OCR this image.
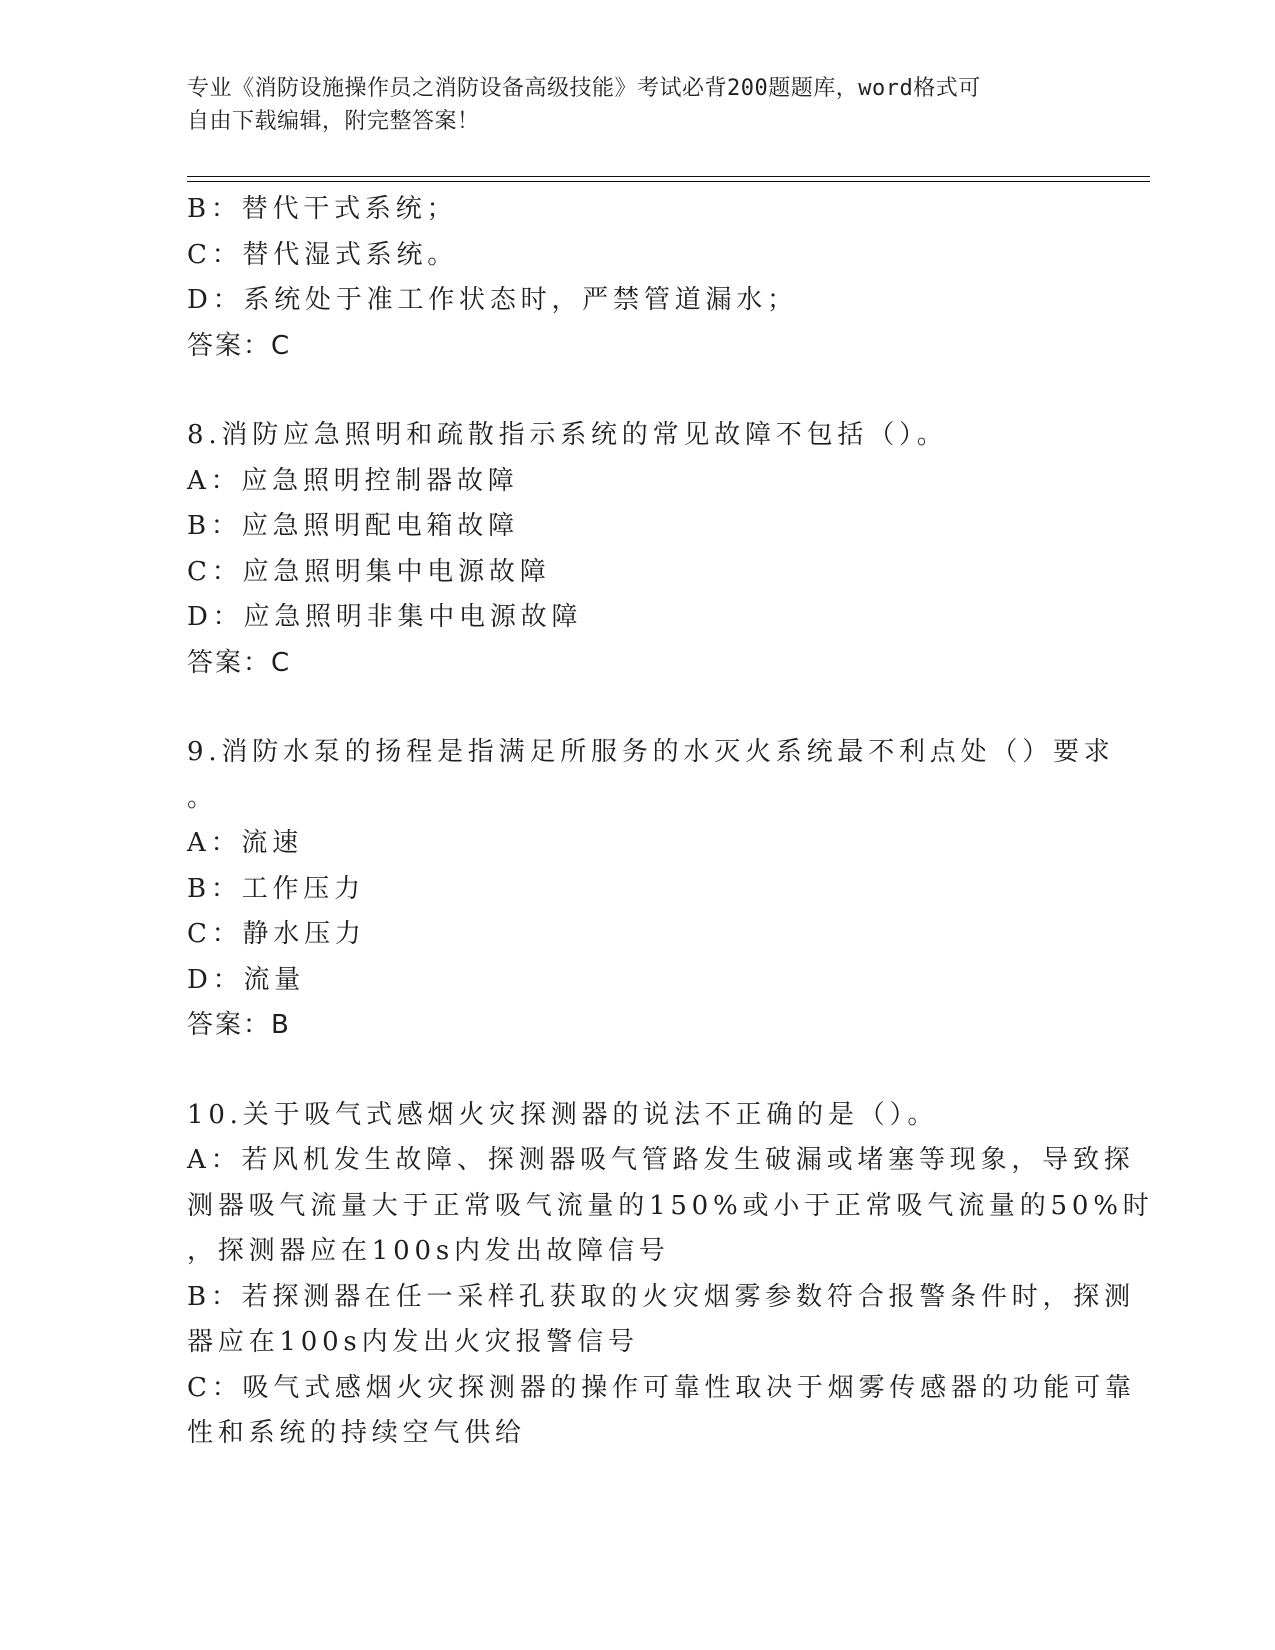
专业《消防设施操作员之消防设备高级技能》考试必背200题题库，word格式可
自由下载编辑，附完整答案！
B：替代干式系统；
C：替代湿式系统。
D：系统处于准工作状态时，严禁管道漏水；
答案：C
8.消防应急照明和疏散指示系统的常见故障不包括（）。
A：应急照明控制器故障
B：应急照明配电箱故障
C：应急照明集中电源故障
D：应急照明非集中电源故障
答案：C
9.消防水泵的扬程是指满足所服务的水灭火系统最不利点处（）要求
。
A：流速
B：工作压力
C：静水压力
D：流量
答案：B
10.关于吸气式感烟火灾探测器的说法不正确的是（）。
A：若风机发生故障、探测器吸气管路发生破漏或堵塞等现象，导致探
测器吸气流量大于正常吸气流量的150%或小于正常吸气流量的50%时
，探测器应在100s内发出故障信号
B：若探测器在任一采样孔获取的火灾烟雾参数符合报警条件时，探测
器应在100s内发出火灾报警信号
C：吸气式感烟火灾探测器的操作可靠性取决于烟雾传感器的功能可靠
性和系统的持续空气供给
